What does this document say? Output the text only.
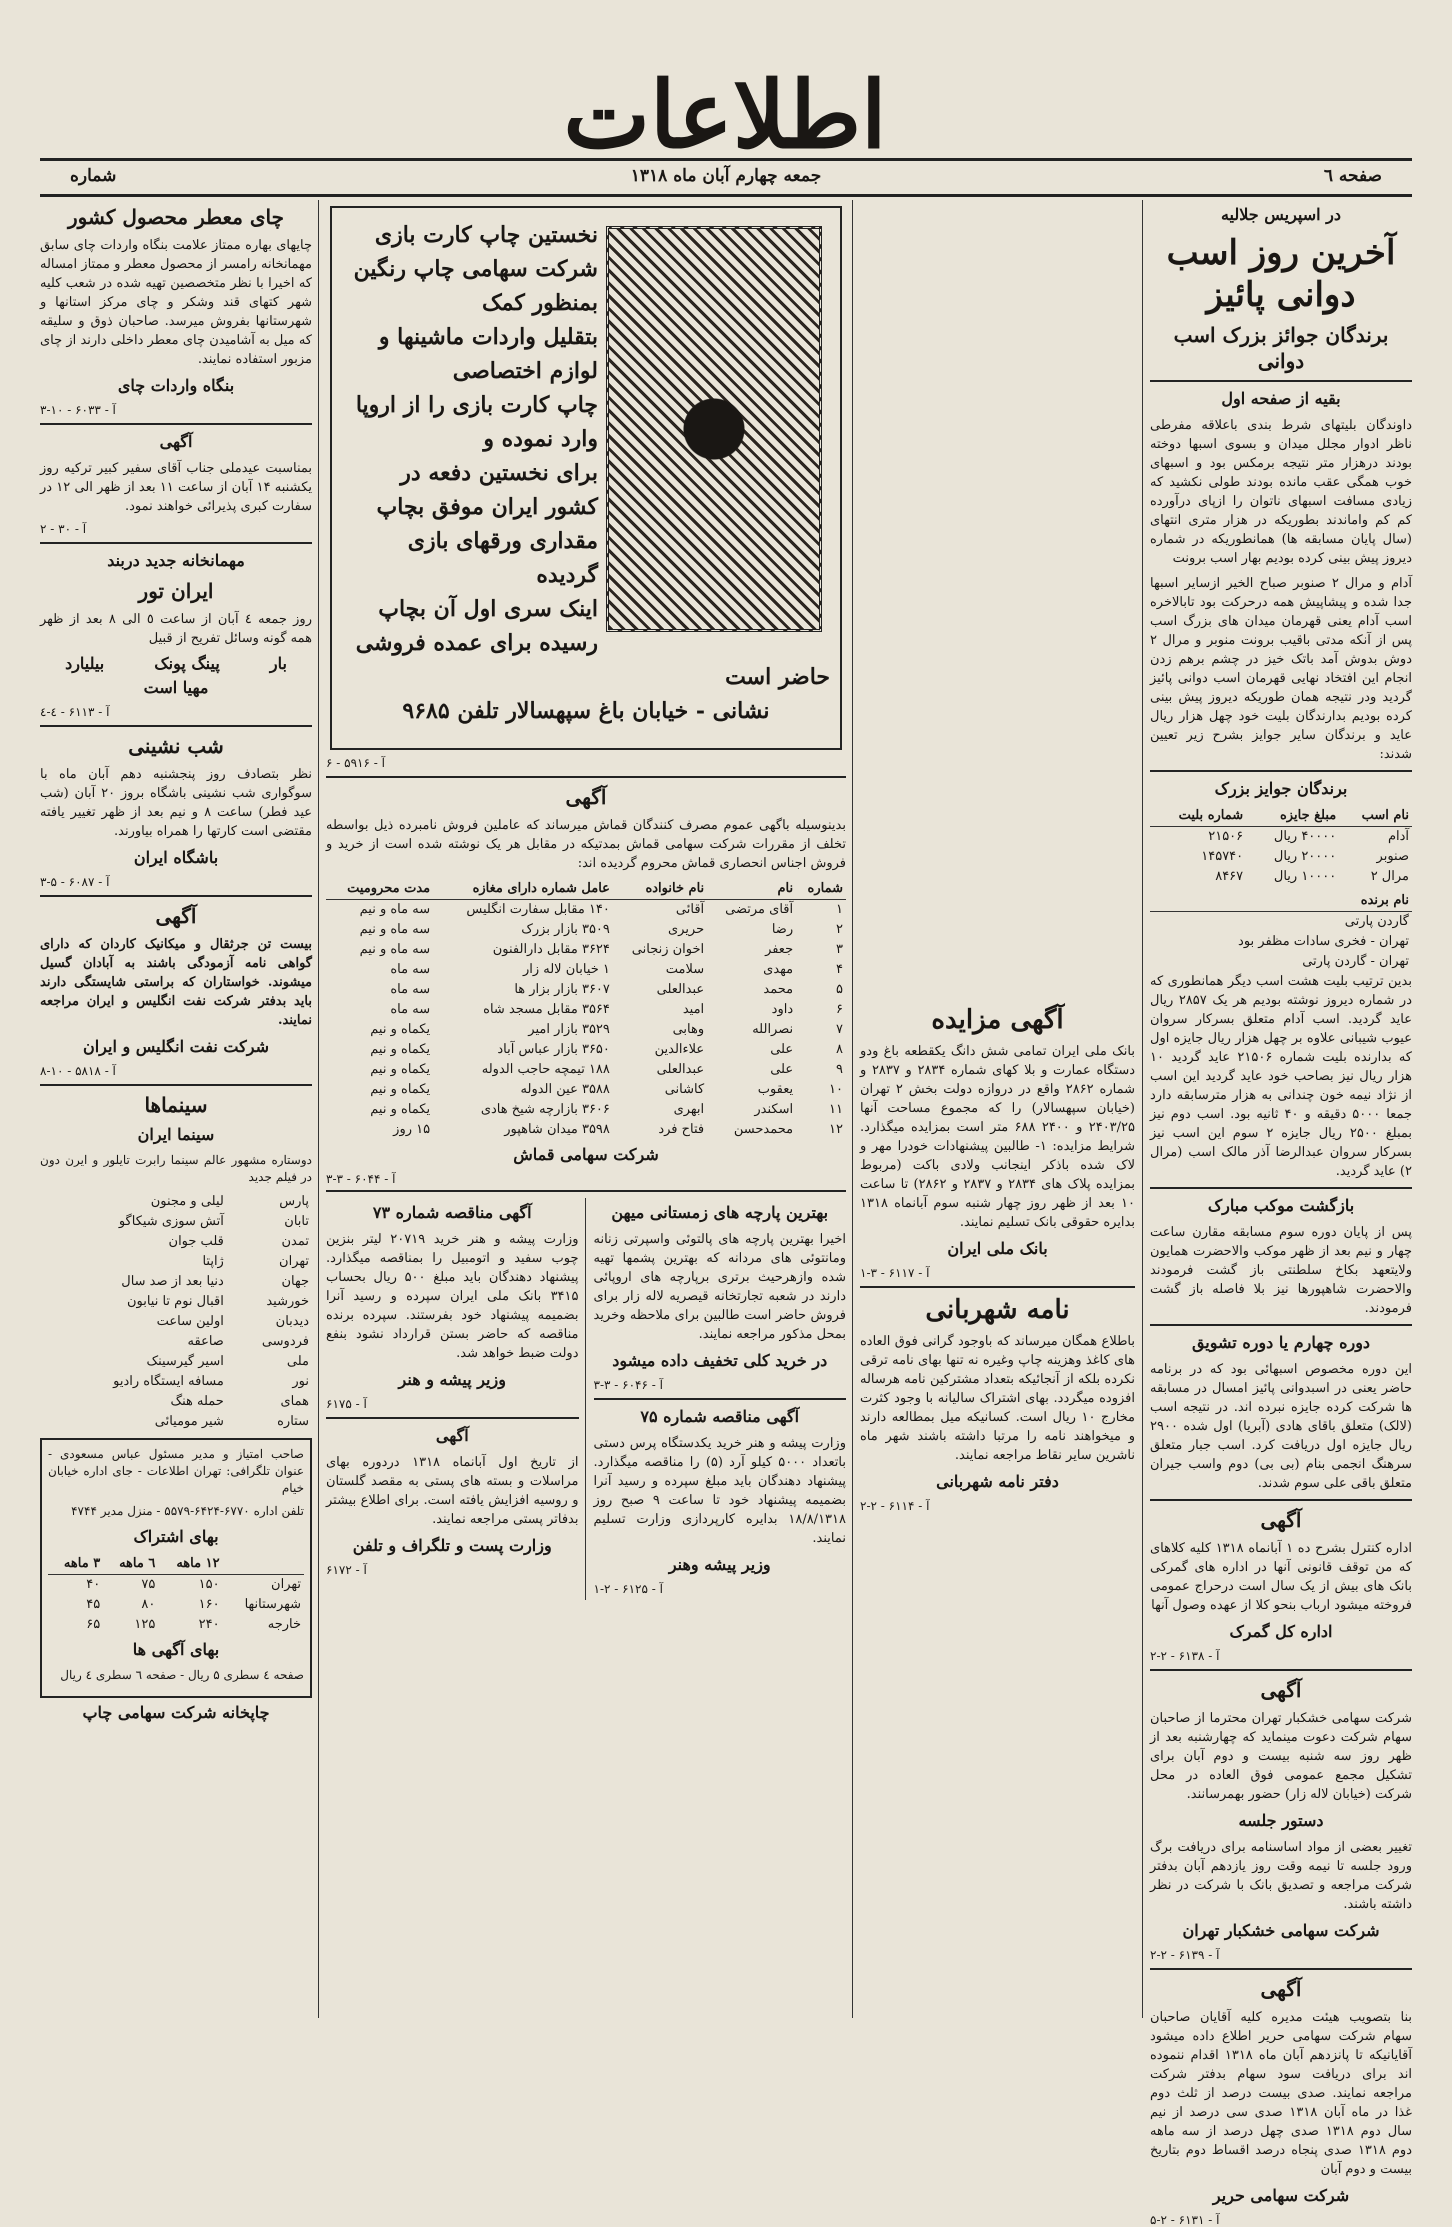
اطلاعات
صفحه ٦
جمعه چهارم آبان ماه ۱۳۱۸
شماره
در اسپریس جلالیه
آخرین روز اسب دوانی پائیز
برندگان جوائز بزرک اسب دوانی
بقیه از صفحه اول

داوندگان بلیتهای شرط بندی باعلاقه مفرطی ناظر ادوار مجلل میدان و بسوی اسبها دوخته بودند درهزار متر نتیجه برمکس بود و اسبهای خوب همگی عقب مانده بودند طولی نکشید که زیادی مسافت اسبهای ناتوان را ازپای درآورده کم کم واماندند بطوریکه در هزار متری انتهای (سال پایان مسابقه ها) همانطوریکه در شماره دیروز پیش بینی کرده بودیم بهار اسب برونت

آدام و مرال ۲ صنوبر صباح الخیر ازسایر اسبها جدا شده و پیشاپیش همه درحرکت بود تابالاخره اسب آدام یعنی قهرمان میدان های بزرگ اسب پس از آنکه مدتی باقیب برونت منوبر و مرال ۲ دوش بدوش آمد باتک خیز در چشم برهم زدن انجام این افتخاد نهایی قهرمان اسب دوانی پائیز گردید ودر نتیجه همان طوریکه دیروز پیش بینی کرده بودیم بدارندگان بلیت خود چهل هزار ریال عاید و برندگان سایر جوایز بشرح زیر تعیین شدند:

برندگان جوایز بزرک
نام اسب	مبلغ جایزه	شماره بلیت
آدام	۴۰۰۰۰ ریال	۲۱۵۰۶
صنوبر	۲۰۰۰۰ ریال	۱۴۵۷۴۰
مرال ۲	۱۰۰۰۰ ریال	۸۴۶۷
نام برنده
گاردن پارتی
تهران - فخری سادات مظفر بود
تهران - گاردن پارتی

بدین ترتیب بلیت هشت اسب دیگر همانطوری که در شماره دیروز نوشته بودیم هر یک ۲۸۵۷ ریال عاید گردید. اسب آدام متعلق بسرکار سروان عیوب شیبانی علاوه بر چهل هزار ریال جایزه اول که بدارنده بلیت شماره ۲۱۵۰۶ عاید گردید ۱۰ هزار ریال نیز بصاحب خود عاید گردید این اسب از نژاد نیمه خون چندانی به هزار مترسابقه دارد جمعا ۵۰۰۰ دقیقه و ۴۰ ثانیه بود. اسب دوم نیز بمبلغ ۲۵۰۰ ریال جایزه ۲ سوم این اسب نیز بسرکار سروان عبدالرضا آذر مالک اسب (مرال ۲) عاید گردید.

بازگشت موکب مبارک

پس از پایان دوره سوم مسابقه مقارن ساعت چهار و نیم بعد از ظهر موکب والاحضرت همایون ولایتعهد بکاخ سلطنتی باز گشت فرمودند والاحضرت شاهپورها نیز بلا فاصله باز گشت فرمودند.

دوره چهارم یا دوره تشویق

این دوره مخصوص اسبهائی بود که در برنامه حاضر یعنی در اسبدوانی پائیز امسال در مسابقه ها شرکت کرده جایزه نبرده اند. در نتیجه اسب (لالک) متعلق باقای هادی (آبریا) اول شده ۲۹۰۰ ریال جایزه اول دریافت کرد. اسب جبار متعلق سرهنگ انجمی بنام (بی بی) دوم واسب جیران متعلق باقی علی سوم شدند.

آگهی

اداره کنترل بشرح ده ۱ آبانماه ۱۳۱۸ کلیه کلاهای که من توقف قانونی آنها در اداره های گمرکی بانک های بیش از یک سال است درحراج عمومی فروخته میشود ارباب بنحو کلا از عهده وصول آنها

اداره کل گمرک
آ - ۶۱۳۸ - ۲-۲
آگهی

شرکت سهامی خشکبار تهران محترما از صاحبان سهام شرکت دعوت مینماید که چهارشنبه بعد از ظهر روز سه شنبه بیست و دوم آبان برای تشکیل مجمع عمومی فوق العاده در محل شرکت (خیابان لاله زار) حضور بهمرسانند.

دستور جلسه

تغییر بعضی از مواد اساسنامه برای دریافت برگ ورود جلسه تا نیمه وقت روز یازدهم آبان بدفتر شرکت مراجعه و تصدیق بانک با شرکت در نظر داشته باشند.

شرکت سهامی خشکبار تهران
آ - ۶۱۳۹ - ۲-۲
آگهی

بنا بتصویب هیئت مدیره کلیه آقایان صاحبان سهام شرکت سهامی حریر اطلاع داده میشود آقایانیکه تا پانزدهم آبان ماه ۱۳۱۸ اقدام ننموده اند برای دریافت سود سهام بدفتر شرکت مراجعه نمایند. صدی بیست درصد از ثلث دوم غذا در ماه آبان ۱۳۱۸ صدی سی درصد از نیم سال دوم ۱۳۱۸ صدی چهل درصد از سه ماهه دوم ۱۳۱۸ صدی پنجاه درصد اقساط دوم بتاریخ بیست و دوم آبان

شرکت سهامی حریر
آ - ۶۱۳۱ - ۲-۵
آگهی مزایده

بانک ملی ایران تمامی شش دانگ یکقطعه باغ ودو دستگاه عمارت و بلا کهای شماره ۲۸۳۴ و ۲۸۳۷ و شماره ۲۸۶۲ واقع در دروازه دولت بخش ۲ تهران (خیابان سپهسالار) را که مجموع مساحت آنها ۲۴۰۳/۲۵ و ۲۴۰۰ ۶۸۸ متر است بمزایده میگذارد. شرایط مزایده: ۱- طالبین پیشنهادات خودرا مهر و لاک شده باذکر اینجانب ولادی باکت (مربوط بمزایده پلاک های ۲۸۳۴ و ۲۸۳۷ و ۲۸۶۲) تا ساعت ۱۰ بعد از ظهر روز چهار شنبه سوم آبانماه ۱۳۱۸ بدایره حقوقی بانک تسلیم نمایند.

بانک ملی ایران
آ - ۶۱۱۷ - ۳-۱
نامه شهربانی

باطلاع همگان میرساند که باوجود گرانی فوق العاده های کاغذ وهزینه چاپ وغیره نه تنها بهای نامه ترقی نکرده بلکه از آنجائیکه بتعداد مشترکین نامه هرساله افزوده میگردد. بهای اشتراک سالیانه با وجود کثرت مخارج ۱۰ ریال است. کسانیکه میل بمطالعه دارند و میخواهند نامه را مرتبا داشته باشند شهر ماه ناشرین سایر نقاط مراجعه نمایند.

دفتر نامه شهربانی
آ - ۶۱۱۴ - ۲-۲
نخستین چاپ کارت بازی
شرکت سهامی چاپ رنگین بمنظور کمک
بتقلیل واردات ماشینها و لوازم اختصاصی
چاپ کارت بازی را از اروپا وارد نموده و
برای نخستین دفعه در کشور ایران موفق بچاپ مقداری ورقهای بازی گردیده
اینک سری اول آن بچاپ رسیده برای عمده فروشی حاضر است
نشانی - خیابان باغ سپهسالار تلفن ۹۶۸۵
آ - ۵۹۱۶ - ۶
آگهی

بدینوسیله باگهی عموم مصرف کنندگان قماش میرساند که عاملین فروش نامبرده ذیل بواسطه تخلف از مقررات شرکت سهامی قماش بمدتیکه در مقابل هر یک نوشته شده است از خرید و فروش اجناس انحصاری قماش محروم گردیده اند:

شماره	نام	نام خانواده	عامل شماره دارای مغازه	مدت محرومیت
۱	آقای مرتضی	آقائی	۱۴۰ مقابل سفارت انگلیس	سه ماه و نیم
۲	رضا	حریری	۳۵۰۹ بازار بزرک	سه ماه و نیم
۳	جعفر	اخوان زنجانی	۳۶۲۴ مقابل دارالفنون	سه ماه و نیم
۴	مهدی	سلامت	۱ خیابان لاله زار	سه ماه
۵	محمد	عبدالعلی	۳۶۰۷ بازار بزار ها	سه ماه
۶	داود	امید	۳۵۶۴ مقابل مسجد شاه	سه ماه
۷	نصرالله	وهابی	۳۵۲۹ بازار امیر	یکماه و نیم
۸	علی	علاءالدین	۳۶۵۰ بازار عباس آباد	یکماه و نیم
۹	علی	عبدالعلی	۱۸۸ تیمچه حاجب الدوله	یکماه و نیم
۱۰	یعقوب	کاشانی	۳۵۸۸ عین الدوله	یکماه و نیم
۱۱	اسکندر	ابهری	۳۶۰۶ بازارچه شیخ هادی	یکماه و نیم
۱۲	محمدحسن	فتاح فرد	۳۵۹۸ میدان شاهپور	۱۵ روز
شرکت سهامی قماش
آ - ۶۰۴۴ - ۳-۳
بهترین پارچه های زمستانی میهن

اخیرا بهترین پارچه های پالتوئی واسپرتی زنانه ومانتوئی های مردانه که بهترین پشمها تهیه شده وازهرحیث برتری برپارچه های اروپائی دارند در شعبه تجارتخانه قیصریه لاله زار برای فروش حاضر است طالبین برای ملاحظه وخرید بمحل مذکور مراجعه نمایند.

در خرید کلی تخفیف داده میشود
آ - ۶۰۴۶ - ۳-۳
آگهی مناقصه شماره ۷۵

وزارت پیشه و هنر خرید یکدستگاه پرس دستی باتعداد ۵۰۰۰ کیلو آرد (۵) را مناقصه میگذارد. پیشنهاد دهندگان باید مبلغ سپرده و رسید آنرا بضمیمه پیشنهاد خود تا ساعت ۹ صبح روز ۱۸/۸/۱۳۱۸ بدایره کارپردازی وزارت تسلیم نمایند.

وزیر پیشه وهنر
آ - ۶۱۲۵ - ۲-۱
آگهی مناقصه شماره ۷۳

وزارت پیشه و هنر خرید ۲۰۷۱۹ لیتر بنزین چوب سفید و اتومبیل را بمناقصه میگذارد. پیشنهاد دهندگان باید مبلغ ۵۰۰ ریال بحساب ۳۴۱۵ بانک ملی ایران سپرده و رسید آنرا بضمیمه پیشنهاد خود بفرستند. سپرده برنده مناقصه که حاضر بستن قرارداد نشود بنفع دولت ضبط خواهد شد.

وزیر پیشه و هنر
آ - ۶۱۷۵
آگهی

از تاریخ اول آبانماه ۱۳۱۸ دردوره بهای مراسلات و بسته های پستی به مقصد گلستان و روسیه افزایش یافته است. برای اطلاع بیشتر بدفاتر پستی مراجعه نمایند.

وزارت پست و تلگراف و تلفن
آ - ۶۱۷۲
چای معطر محصول کشور

چایهای بهاره ممتاز علامت بنگاه واردات چای سابق مهمانخانه رامسر از محصول معطر و ممتاز امساله که اخیرا با نظر متخصصین تهیه شده در شعب کلیه شهر کتهای قند وشکر و چای مرکز استانها و شهرستانها بفروش میرسد. صاحبان ذوق و سلیقه که میل به آشامیدن چای معطر داخلی دارند از چای مزبور استفاده نمایند.

بنگاه واردات چای
آ - ۶۰۳۳ - ۱۰-۳
آگهی

بمناسبت عیدملی جناب آقای سفیر کبیر ترکیه روز یکشنبه ۱۴ آبان از ساعت ۱۱ بعد از ظهر الی ۱۲ در سفارت کبری پذیرائی خواهند نمود.

آ - ۳۰ - ۲
مهمانخانه جدید دربند
ایران تور

روز جمعه ٤ آبان از ساعت ٥ الی ٨ بعد از ظهر همه گونه وسائل تفریح از قبیل

بار
پینگ پونک
بیلیارد
مهیا است
آ - ۶۱۱۳ - ٤-٤
شب نشینی

نظر بتصادف روز پنجشنبه دهم آبان ماه با سوگواری شب نشینی باشگاه بروز ۲۰ آبان (شب عید فطر) ساعت ۸ و نیم بعد از ظهر تغییر یافته مقتضی است کارتها را همراه بیاورند.

باشگاه ایران
آ - ۶۰۸۷ - ۵-۳
آگهی

بیست تن جرثقال و میکانیک کاردان که دارای گواهی نامه آزمودگی باشند به آبادان گسیل میشوند. خواستاران که براستی شایستگی دارند باید بدفتر شرکت نفت انگلیس و ایران مراجعه نمایند.

شرکت نفت انگلیس و ایران
آ - ۵۸۱۸ - ۱۰-۸
سینماها
سینما ایران

دوستاره مشهور عالم سینما رابرت تایلور و ایرن دون در فیلم جدید

پارس	لیلی و مجنون
تابان	آتش سوزی شیکاگو
تمدن	قلب جوان
تهران	ژاپتا
جهان	دنیا بعد از صد سال
خورشید	اقبال نوم تا نیابون
دیدبان	اولین ساعت
فردوسی	صاعقه
ملی	اسیر گیرسینک
نور	مسافه ایستگاه رادیو
همای	حمله هنگ
ستاره	شیر مومیائی

صاحب امتیاز و مدیر مسئول عباس مسعودی - عنوان تلگرافی: تهران اطلاعات - جای اداره خیابان خیام

تلفن اداره ۶۷۷۰-۶۴۲۴-۵۵۷۹ - منزل مدیر ۴۷۴۴

بهای اشتراک
	۱۲ ماهه	٦ ماهه	۳ ماهه
تهران	۱۵۰	۷۵	۴۰
شهرستانها	۱۶۰	۸۰	۴۵
خارجه	۲۴۰	۱۲۵	۶۵
بهای آگهی ها

صفحه ٤ سطری ۵ ریال - صفحه ٦ سطری ٤ ریال

چاپخانه شرکت سهامی چاپ
